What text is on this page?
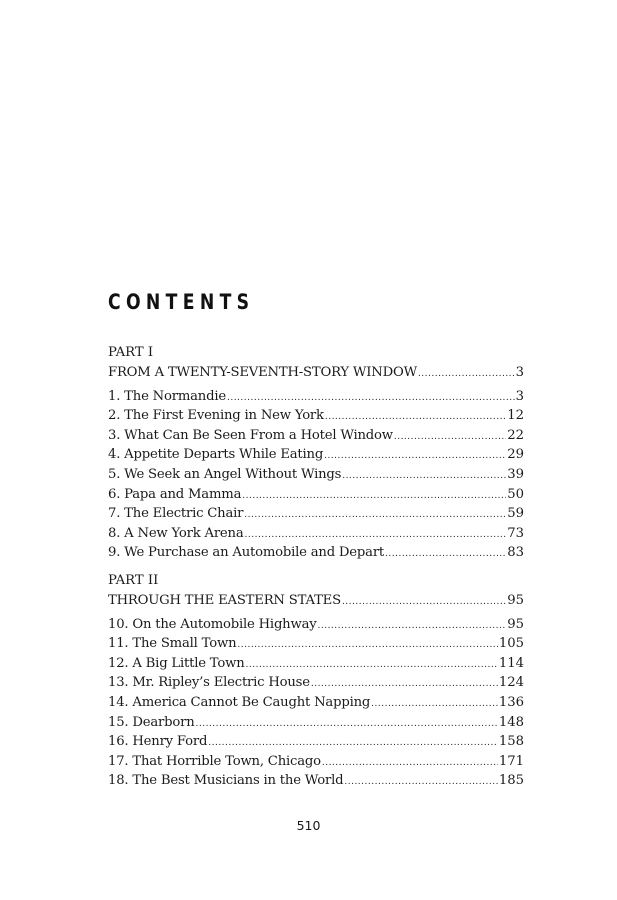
CONTENTS
PART I
FROM A TWENTY-SEVENTH-STORY WINDOW .....	3
1. The Normandie .....	3
2. The First Evening in New York .....	12
3. What Can Be Seen From a Hotel Window .....	22
4. Appetite Departs While Eating .....	29
5. We Seek an Angel Without Wings .....	39
6. Papa and Mamma .....	50
7. The Electric Chair .....	59
8. A New York Arena .....	73
9. We Purchase an Automobile and Depart .....	83
PART II
THROUGH THE EASTERN STATES .....	95
10. On the Automobile Highway .....	95
11. The Small Town .....	105
12. A Big Little Town .....	114
13. Mr. Ripley’s Electric House .....	124
14. America Cannot Be Caught Napping .....	136
15. Dearborn .....	148
16. Henry Ford .....	158
17. That Horrible Town, Chicago .....	171
18. The Best Musicians in the World .....	185
510
